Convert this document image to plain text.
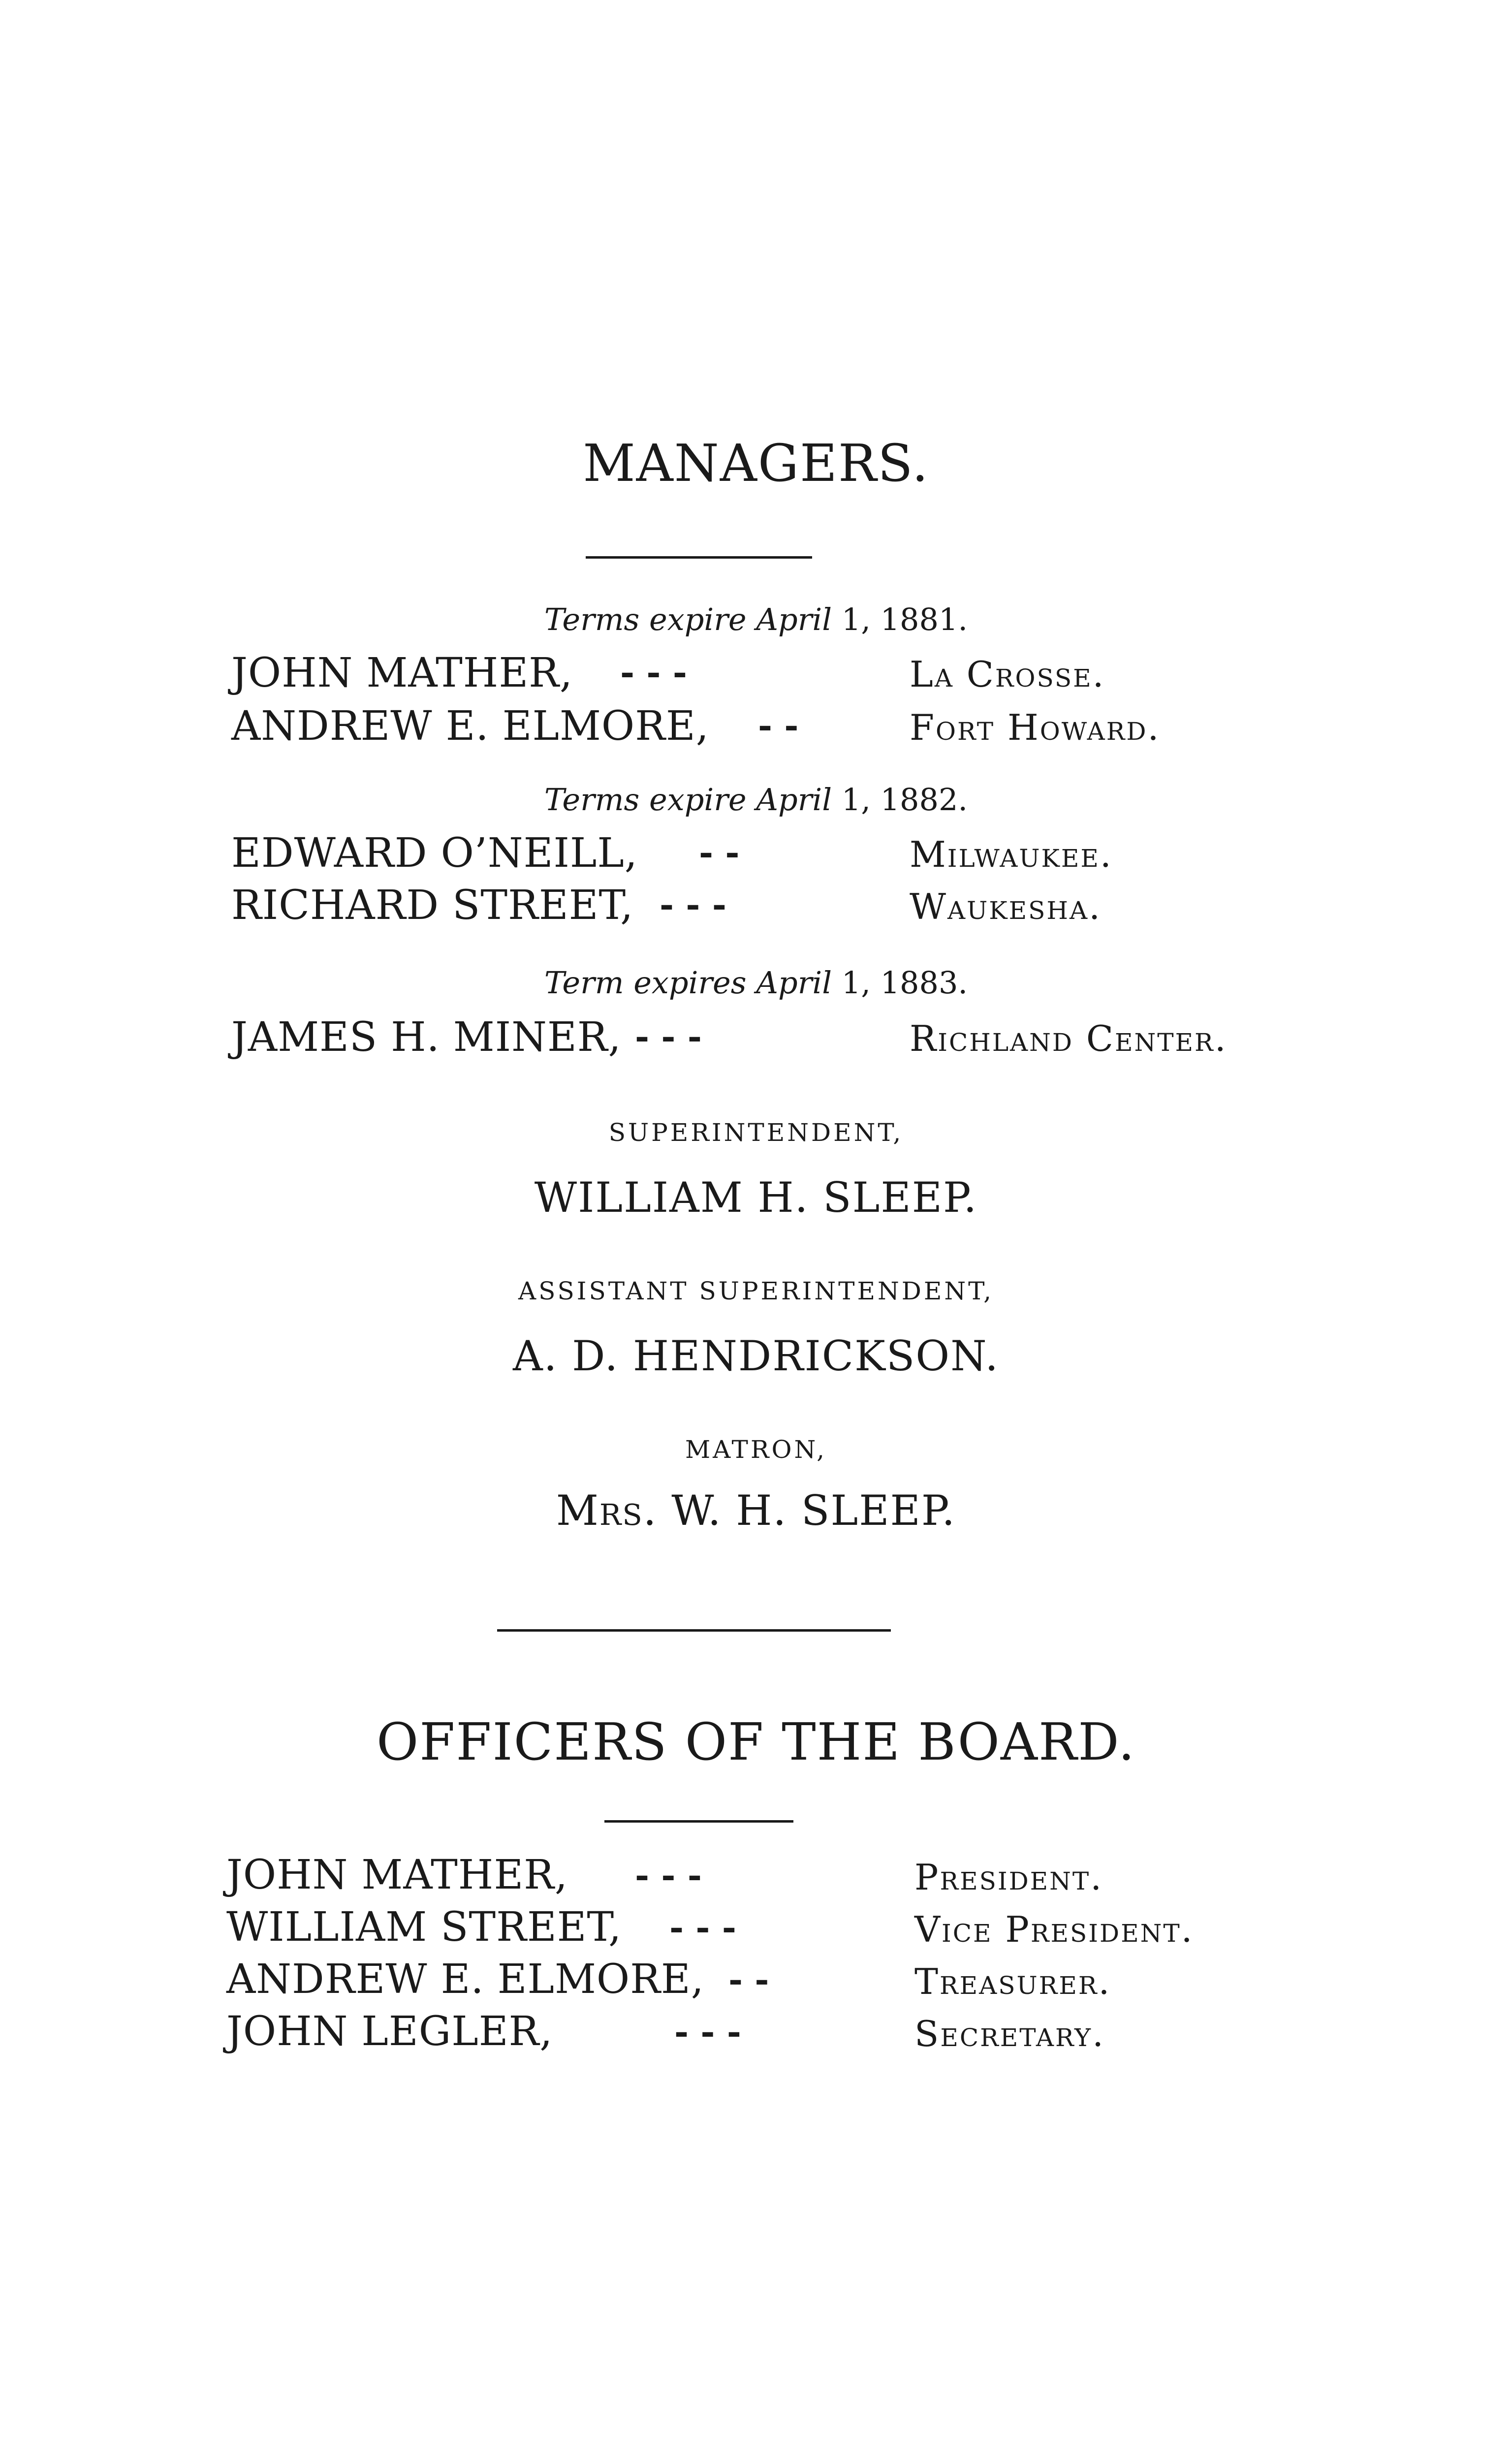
MANAGERS.
Terms expire April 1, 1881.
JOHN MATHER, - - -	La Crosse.
ANDREW E. ELMORE, - -	Fort Howard.
Terms expire April 1, 1882.
EDWARD O’NEILL, - -	Milwaukee.
RICHARD STREET, - - -	Waukesha.
Term expires April 1, 1883.
JAMES H. MINER, - - -	Richland Center.
SUPERINTENDENT,
WILLIAM H. SLEEP.
ASSISTANT SUPERINTENDENT,
A. D. HENDRICKSON.
MATRON,
Mrs. W. H. SLEEP.
OFFICERS OF THE BOARD.
JOHN MATHER, - - -	President.
WILLIAM STREET, - - -	Vice President.
ANDREW E. ELMORE, - -	Treasurer.
JOHN LEGLER,	- - -	Secretary.
